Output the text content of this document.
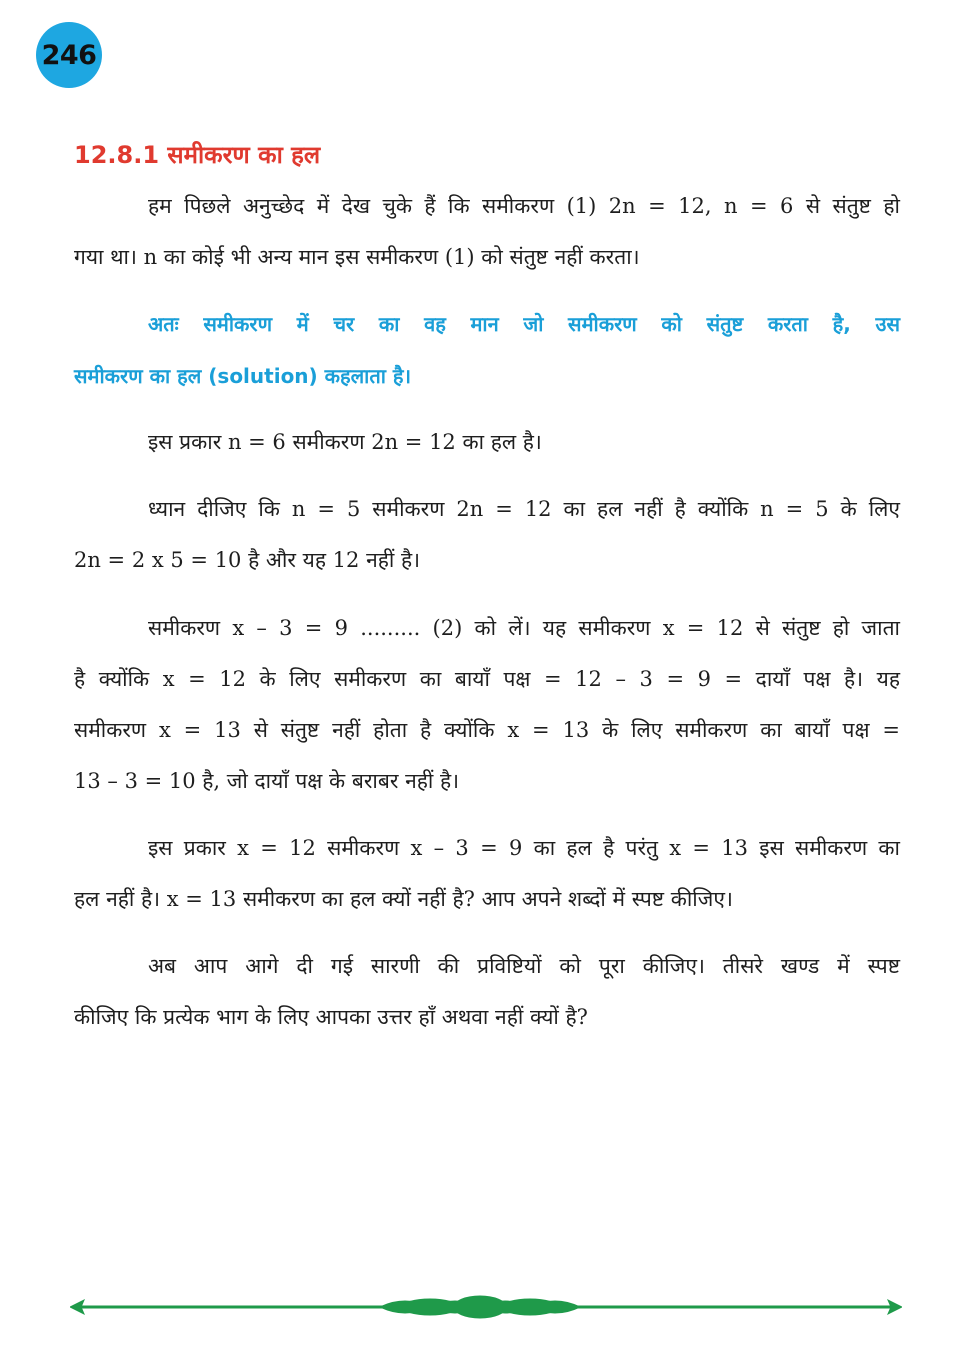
246
12.8.1 समीकरण का हल
हम पिछले अनुच्छेद में देख चुके हैं कि समीकरण (1) 2n = 12, n = 6 से संतुष्ट हो
गया था। n का कोई भी अन्य मान इस समीकरण (1) को संतुष्ट नहीं करता।
अतः समीकरण में चर का वह मान जो समीकरण को संतुष्ट करता है, उस
समीकरण का हल (solution) कहलाता है।
इस प्रकार n = 6 समीकरण 2n = 12 का हल है।
ध्यान दीजिए कि n = 5 समीकरण 2n = 12 का हल नहीं है क्योंकि n = 5 के लिए
2n = 2 x 5 = 10 है और यह 12 नहीं है।
समीकरण x – 3 = 9 ......... (2) को लें। यह समीकरण x = 12 से संतुष्ट हो जाता
है क्योंकि x = 12 के लिए समीकरण का बायाँ पक्ष = 12 – 3 = 9 = दायाँ पक्ष है। यह
समीकरण x = 13 से संतुष्ट नहीं होता है क्योंकि x = 13 के लिए समीकरण का बायाँ पक्ष =
13 – 3 = 10 है, जो दायाँ पक्ष के बराबर नहीं है।
इस प्रकार x = 12 समीकरण x – 3 = 9 का हल है परंतु x = 13 इस समीकरण का
हल नहीं है। x = 13 समीकरण का हल क्यों नहीं है? आप अपने शब्दों में स्पष्ट कीजिए।
अब आप आगे दी गई सारणी की प्रविष्टियों को पूरा कीजिए। तीसरे खण्ड में स्पष्ट
कीजिए कि प्रत्येक भाग के लिए आपका उत्तर हाँ अथवा नहीं क्यों है?
